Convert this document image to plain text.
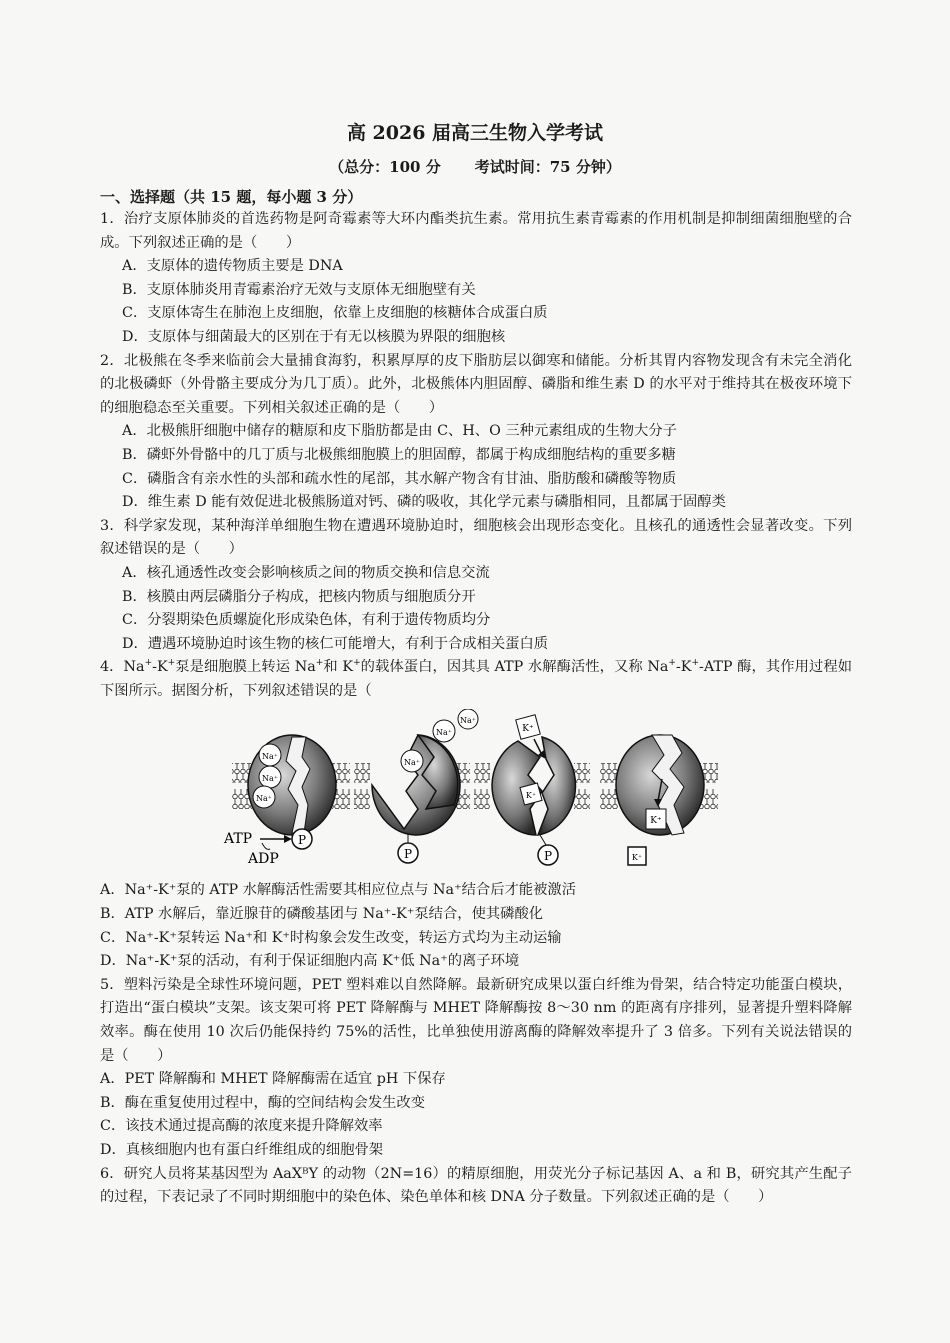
高 2026 届高三生物入学考试
（总分：100 分 考试时间：75 分钟）
一、选择题（共 15 题，每小题 3 分）
1．治疗支原体肺炎的首选药物是阿奇霉素等大环内酯类抗生素。常用抗生素青霉素的作用机制是抑制细菌细胞壁的合成。下列叙述正确的是（　　）
A．支原体的遗传物质主要是 DNA
B．支原体肺炎用青霉素治疗无效与支原体无细胞壁有关
C．支原体寄生在肺泡上皮细胞，依靠上皮细胞的核糖体合成蛋白质
D．支原体与细菌最大的区别在于有无以核膜为界限的细胞核
2．北极熊在冬季来临前会大量捕食海豹，积累厚厚的皮下脂肪层以御寒和储能。分析其胃内容物发现含有未完全消化的北极磷虾（外骨骼主要成分为几丁质）。此外，北极熊体内胆固醇、磷脂和维生素 D 的水平对于维持其在极夜环境下的细胞稳态至关重要。下列相关叙述正确的是（　　）
A．北极熊肝细胞中储存的糖原和皮下脂肪都是由 C、H、O 三种元素组成的生物大分子
B．磷虾外骨骼中的几丁质与北极熊细胞膜上的胆固醇，都属于构成细胞结构的重要多糖
C．磷脂含有亲水性的头部和疏水性的尾部，其水解产物含有甘油、脂肪酸和磷酸等物质
D．维生素 D 能有效促进北极熊肠道对钙、磷的吸收，其化学元素与磷脂相同，且都属于固醇类
3．科学家发现，某种海洋单细胞生物在遭遇环境胁迫时，细胞核会出现形态变化。且核孔的通透性会显著改变。下列叙述错误的是（　　）
A．核孔通透性改变会影响核质之间的物质交换和信息交流
B．核膜由两层磷脂分子构成，把核内物质与细胞质分开
C．分裂期染色质螺旋化形成染色体，有利于遗传物质均分
D．遭遇环境胁迫时该生物的核仁可能增大，有利于合成相关蛋白质
4．Na+-K+泵是细胞膜上转运 Na+和 K+的载体蛋白，因其具 ATP 水解酶活性，又称 Na+-K+-ATP 酶，其作用过程如下图所示。据图分析，下列叙述错误的是（
Na⁺
Na⁺
Na⁺
ATP
ADP
P
Na⁺
Na⁺
Na⁺
P
K⁺
K⁺
P
K⁺
K⁺
A．Na⁺-K⁺泵的 ATP 水解酶活性需要其相应位点与 Na⁺结合后才能被激活
B．ATP 水解后，靠近腺苷的磷酸基团与 Na⁺-K⁺泵结合，使其磷酸化
C．Na⁺-K⁺泵转运 Na⁺和 K⁺时构象会发生改变，转运方式均为主动运输
D．Na⁺-K⁺泵的活动，有利于保证细胞内高 K⁺低 Na⁺的离子环境
5．塑料污染是全球性环境问题，PET 塑料难以自然降解。最新研究成果以蛋白纤维为骨架，结合特定功能蛋白模块，打造出“蛋白模块”支架。该支架可将 PET 降解酶与 MHET 降解酶按 8～30 nm 的距离有序排列，显著提升塑料降解效率。酶在使用 10 次后仍能保持约 75%的活性，比单独使用游离酶的降解效率提升了 3 倍多。下列有关说法错误的是（　　）
A．PET 降解酶和 MHET 降解酶需在适宜 pH 下保存
B．酶在重复使用过程中，酶的空间结构会发生改变
C．该技术通过提高酶的浓度来提升降解效率
D．真核细胞内也有蛋白纤维组成的细胞骨架
6．研究人员将某基因型为 AaXᴮY 的动物（2N=16）的精原细胞，用荧光分子标记基因 A、a 和 B，研究其产生配子的过程，下表记录了不同时期细胞中的染色体、染色单体和核 DNA 分子数量。下列叙述正确的是（　　）
